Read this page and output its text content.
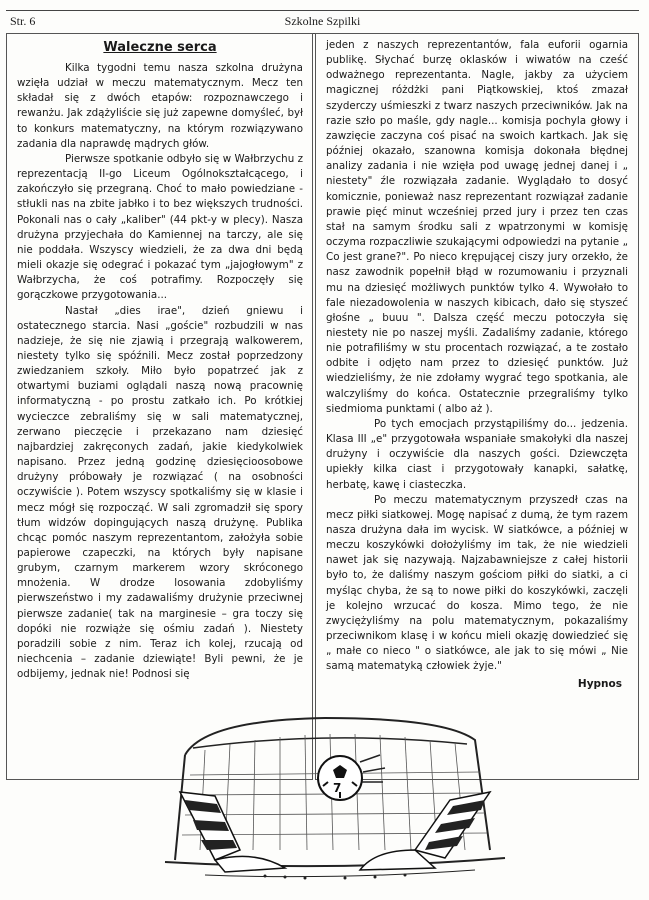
Str. 6	Szkolne Szpilki
Waleczne serca

Kilka tygodni temu nasza szkolna drużyna wzięła udział w meczu matematycznym. Mecz ten składał się z dwóch etapów: rozpoznawczego i rewanżu. Jak zdążyliście się już zapewne domyśleć, był to konkurs matematyczny, na którym rozwiązywano zadania dla naprawdę mądrych głów.

Pierwsze spotkanie odbyło się w Wałbrzychu z reprezentacją II-go Liceum Ogólnokształcącego, i zakończyło się przegraną. Choć to mało powiedziane - stłukli nas na zbite jabłko i to bez większych trudności. Pokonali nas o cały „kaliber" (44 pkt-y w plecy). Nasza drużyna przyjechała do Kamiennej na tarczy, ale się nie poddała. Wszyscy wiedzieli, że za dwa dni będą mieli okazje się odegrać i pokazać tym „jajogłowym" z Wałbrzycha, że coś potrafimy. Rozpoczęły się gorączkowe przygotowania...

Nastał „dies irae", dzień gniewu i ostatecznego starcia. Nasi „goście" rozbudzili w nas nadzieje, że się nie zjawią i przegrają walkowerem, niestety tylko się spóźnili. Mecz został poprzedzony zwiedzaniem szkoły. Miło było popatrzeć jak z otwartymi buziami oglądali naszą nową pracownię informatyczną - po prostu zatkało ich. Po krótkiej wycieczce zebraliśmy się w sali matematycznej, zerwano pieczęcie i przekazano nam dziesięć najbardziej zakręconych zadań, jakie kiedykolwiek napisano. Przez jedną godzinę dziesięcioosobowe drużyny próbowały je rozwiązać ( na osobności oczywiście ). Potem wszyscy spotkaliśmy się w klasie i mecz mógł się rozpocząć. W sali zgromadził się spory tłum widzów dopingujących naszą drużynę. Publika chcąc pomóc naszym reprezentantom, założyła sobie papierowe czapeczki, na których były napisane grubym, czarnym markerem wzory skróconego mnożenia. W drodze losowania zdobyliśmy pierwszeństwo i my zadawaliśmy drużynie przeciwnej pierwsze zadanie( tak na marginesie – gra toczy się dopóki nie rozwiąże się ośmiu zadań ). Niestety poradzili sobie z nim. Teraz ich kolej, rzucają od niechcenia – zadanie dziewiąte! Byli pewni, że je odbijemy, jednak nie! Podnosi się

jeden z naszych reprezentantów, fala euforii ogarnia publikę. Słychać burzę oklasków i wiwatów na cześć odważnego reprezentanta. Nagle, jakby za użyciem magicznej różdżki pani Piątkowskiej, ktoś zmazał szyderczy uśmieszki z twarz naszych przeciwników. Jak na razie szło po maśle, gdy nagle... komisja pochyla głowy i zawzięcie zaczyna coś pisać na swoich kartkach. Jak się później okazało, szanowna komisja dokonała błędnej analizy zadania i nie wzięła pod uwagę jednej danej i „ niestety" źle rozwiązała zadanie. Wyglądało to dosyć komicznie, ponieważ nasz reprezentant rozwiązał zadanie prawie pięć minut wcześniej przed jury i przez ten czas stał na samym środku sali z wpatrzonymi w komisję oczyma rozpaczliwie szukającymi odpowiedzi na pytanie „ Co jest grane?". Po nieco krępującej ciszy jury orzekło, że nasz zawodnik popełnił błąd w rozumowaniu i przyznali mu na dziesięć możliwych punktów tylko 4. Wywołało to fale niezadowolenia w naszych kibicach, dało się styszeć głośne „ buuu ". Dalsza część meczu potoczyła się niestety nie po naszej myśli. Zadaliśmy zadanie, którego nie potrafiliśmy w stu procentach rozwiązać, a te zostało odbite i odjęto nam przez to dziesięć punktów. Już wiedzieliśmy, że nie zdołamy wygrać tego spotkania, ale walczyliśmy do końca. Ostatecznie przegraliśmy tylko siedmioma punktami ( albo aż ).

Po tych emocjach przystąpiliśmy do... jedzenia. Klasa III „e" przygotowała wspaniałe smakołyki dla naszej drużyny i oczywiście dla naszych gości. Dziewczęta upiekły kilka ciast i przygotowały kanapki, sałatkę, herbatę, kawę i ciasteczka.

Po meczu matematycznym przyszedł czas na mecz piłki siatkowej. Mogę napisać z dumą, że tym razem nasza drużyna dała im wycisk. W siatkówce, a później w meczu koszykówki dołożyliśmy im tak, że nie wiedzieli nawet jak się nazywają. Najzabawniejsze z całej historii było to, że daliśmy naszym gościom piłki do siatki, a ci myśląc chyba, że są to nowe piłki do koszykówki, zaczęli je kolejno wrzucać do kosza. Mimo tego, że nie zwyciężyliśmy na polu matematycznym, pokazaliśmy przeciwnikom klasę i w końcu mieli okazję dowiedzieć się „ małe co nieco " o siatkówce, ale jak to się mówi „ Nie samą matematyką człowiek żyje."

Hypnos
7
